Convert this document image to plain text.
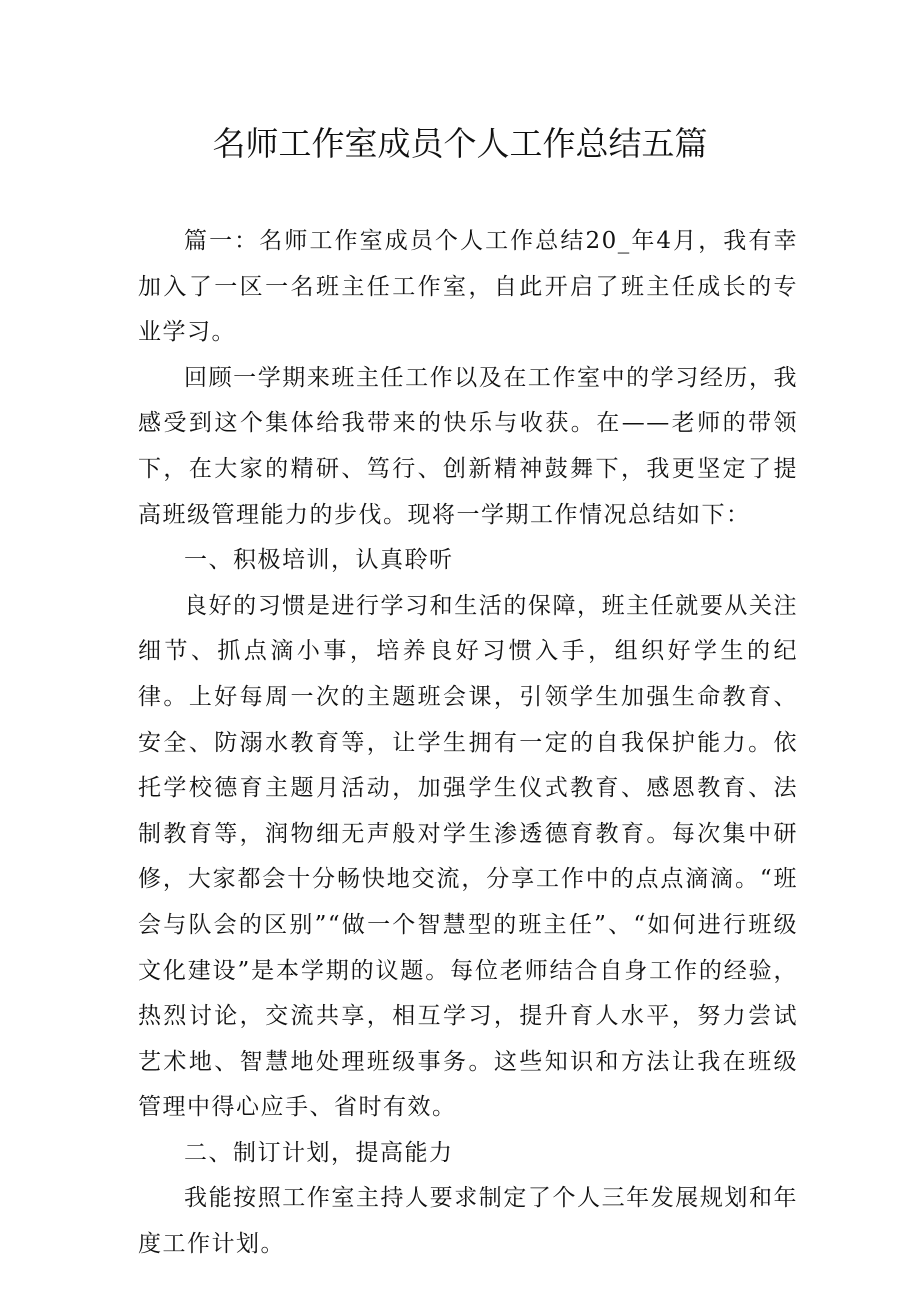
名师工作室成员个人工作总结五篇

篇一：名师工作室成员个人工作总结20_年4月，我有幸加入了一区一名班主任工作室，自此开启了班主任成长的专业学习。

回顾一学期来班主任工作以及在工作室中的学习经历，我感受到这个集体给我带来的快乐与收获。在——老师的带领下，在大家的精研、笃行、创新精神鼓舞下，我更坚定了提高班级管理能力的步伐。现将一学期工作情况总结如下：

一、积极培训，认真聆听

良好的习惯是进行学习和生活的保障，班主任就要从关注细节、抓点滴小事，培养良好习惯入手，组织好学生的纪律。上好每周一次的主题班会课，引领学生加强生命教育、安全、防溺水教育等，让学生拥有一定的自我保护能力。依托学校德育主题月活动，加强学生仪式教育、感恩教育、法制教育等，润物细无声般对学生渗透德育教育。每次集中研修，大家都会十分畅快地交流，分享工作中的点点滴滴。“班会与队会的区别”“做一个智慧型的班主任”、“如何进行班级文化建设”是本学期的议题。每位老师结合自身工作的经验，热烈讨论，交流共享，相互学习，提升育人水平，努力尝试艺术地、智慧地处理班级事务。这些知识和方法让我在班级管理中得心应手、省时有效。

二、制订计划，提高能力

我能按照工作室主持人要求制定了个人三年发展规划和年度工作计划。
